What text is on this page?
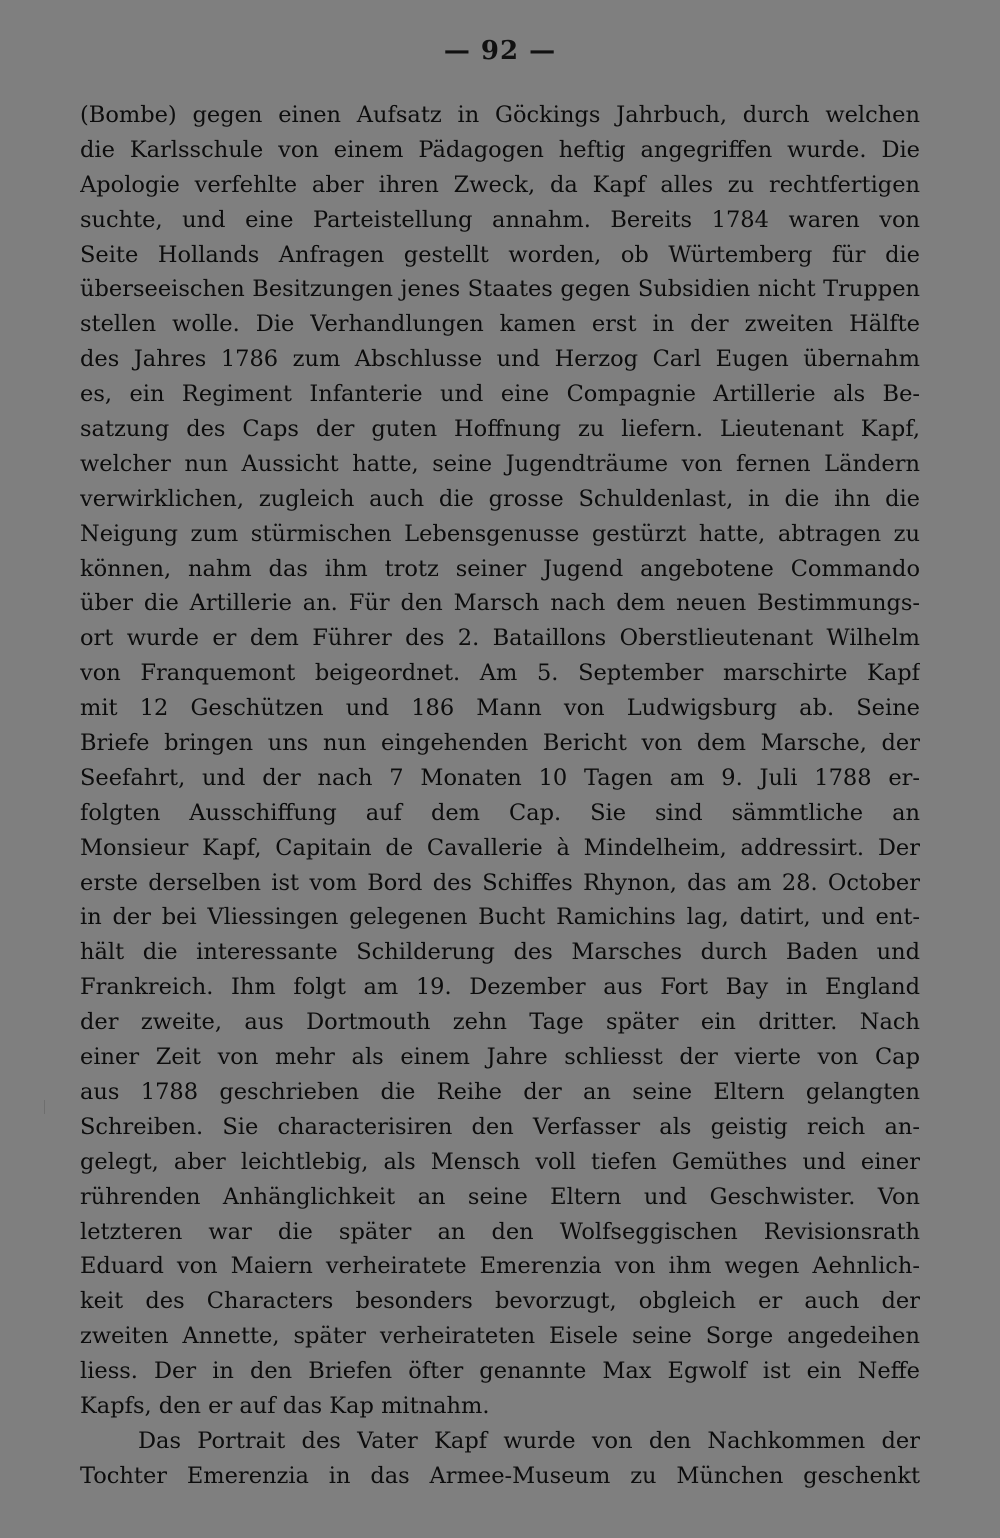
— 92 —
(Bombe) gegen einen Aufsatz in Göckings Jahrbuch, durch welchen
die Karlsschule von einem Pädagogen heftig angegriffen wurde. Die
Apologie verfehlte aber ihren Zweck, da Kapf alles zu rechtfertigen
suchte, und eine Parteistellung annahm. Bereits 1784 waren von
Seite Hollands Anfragen gestellt worden, ob Würtemberg für die
überseeischen Besitzungen jenes Staates gegen Subsidien nicht Truppen
stellen wolle. Die Verhandlungen kamen erst in der zweiten Hälfte
des Jahres 1786 zum Abschlusse und Herzog Carl Eugen übernahm
es, ein Regiment Infanterie und eine Compagnie Artillerie als Be-
satzung des Caps der guten Hoffnung zu liefern. Lieutenant Kapf,
welcher nun Aussicht hatte, seine Jugendträume von fernen Ländern
verwirklichen, zugleich auch die grosse Schuldenlast, in die ihn die
Neigung zum stürmischen Lebensgenusse gestürzt hatte, abtragen zu
können, nahm das ihm trotz seiner Jugend angebotene Commando
über die Artillerie an. Für den Marsch nach dem neuen Bestimmungs-
ort wurde er dem Führer des 2. Bataillons Oberstlieutenant Wilhelm
von Franquemont beigeordnet. Am 5. September marschirte Kapf
mit 12 Geschützen und 186 Mann von Ludwigsburg ab. Seine
Briefe bringen uns nun eingehenden Bericht von dem Marsche, der
Seefahrt, und der nach 7 Monaten 10 Tagen am 9. Juli 1788 er-
folgten Ausschiffung auf dem Cap. Sie sind sämmtliche an
Monsieur Kapf, Capitain de Cavallerie à Mindelheim, addressirt. Der
erste derselben ist vom Bord des Schiffes Rhynon, das am 28. October
in der bei Vliessingen gelegenen Bucht Ramichins lag, datirt, und ent-
hält die interessante Schilderung des Marsches durch Baden und
Frankreich. Ihm folgt am 19. Dezember aus Fort Bay in England
der zweite, aus Dortmouth zehn Tage später ein dritter. Nach
einer Zeit von mehr als einem Jahre schliesst der vierte von Cap
aus 1788 geschrieben die Reihe der an seine Eltern gelangten
Schreiben. Sie characterisiren den Verfasser als geistig reich an-
gelegt, aber leichtlebig, als Mensch voll tiefen Gemüthes und einer
rührenden Anhänglichkeit an seine Eltern und Geschwister. Von
letzteren war die später an den Wolfseggischen Revisionsrath
Eduard von Maiern verheiratete Emerenzia von ihm wegen Aehnlich-
keit des Characters besonders bevorzugt, obgleich er auch der
zweiten Annette, später verheirateten Eisele seine Sorge angedeihen
liess. Der in den Briefen öfter genannte Max Egwolf ist ein Neffe
Kapfs, den er auf das Kap mitnahm.
Das Portrait des Vater Kapf wurde von den Nachkommen der
Tochter Emerenzia in das Armee-Museum zu München geschenkt
